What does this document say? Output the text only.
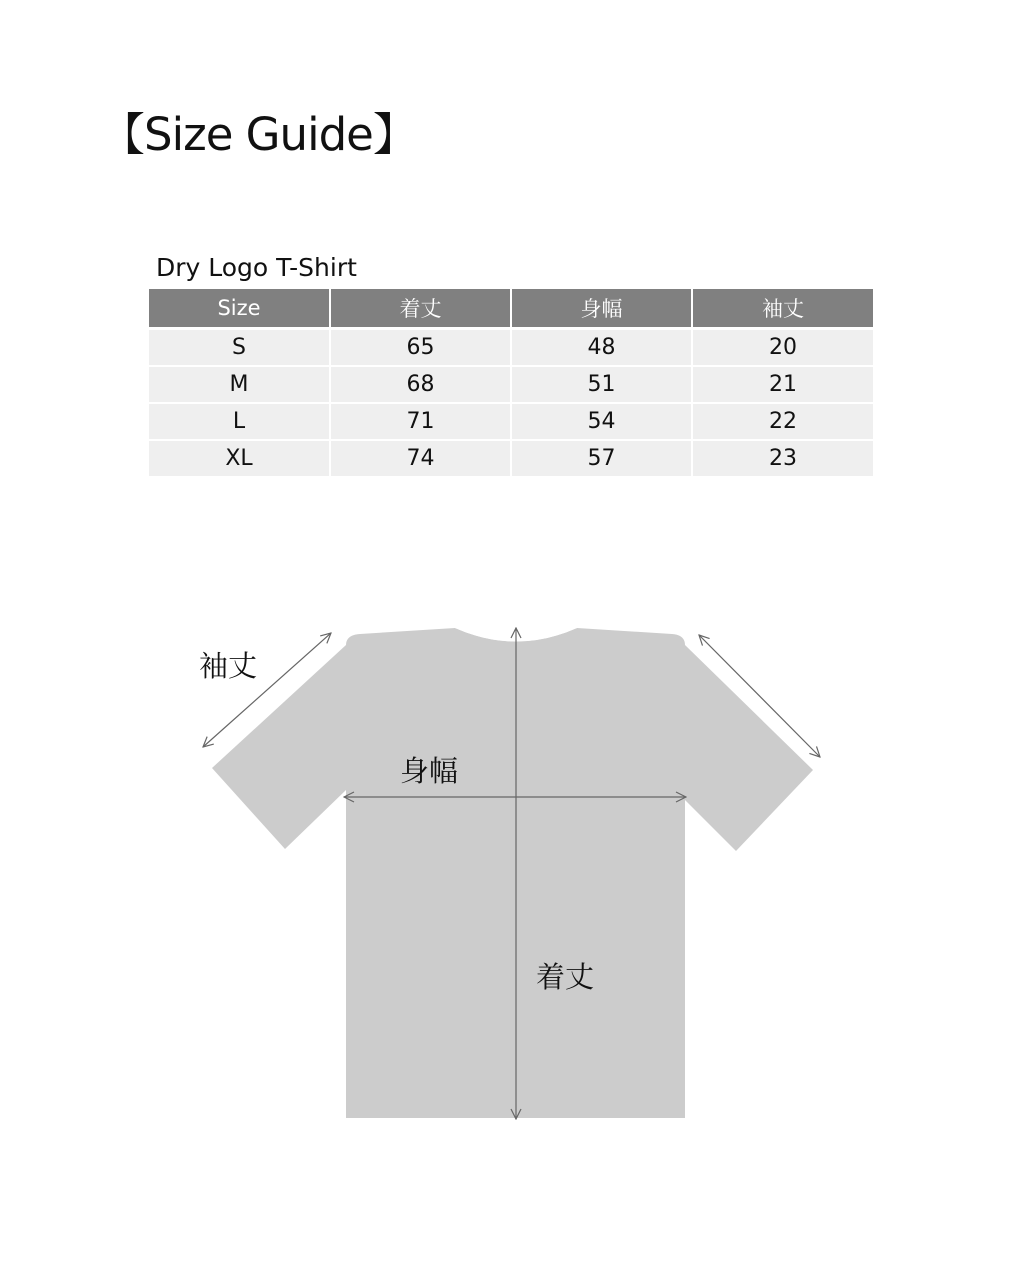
【Size Guide】
Dry Logo T-Shirt
Size	着丈	身幅	袖丈
S	65	48	20
M	68	51	21
L	71	54	22
XL	74	57	23
袖丈
身幅
着丈
